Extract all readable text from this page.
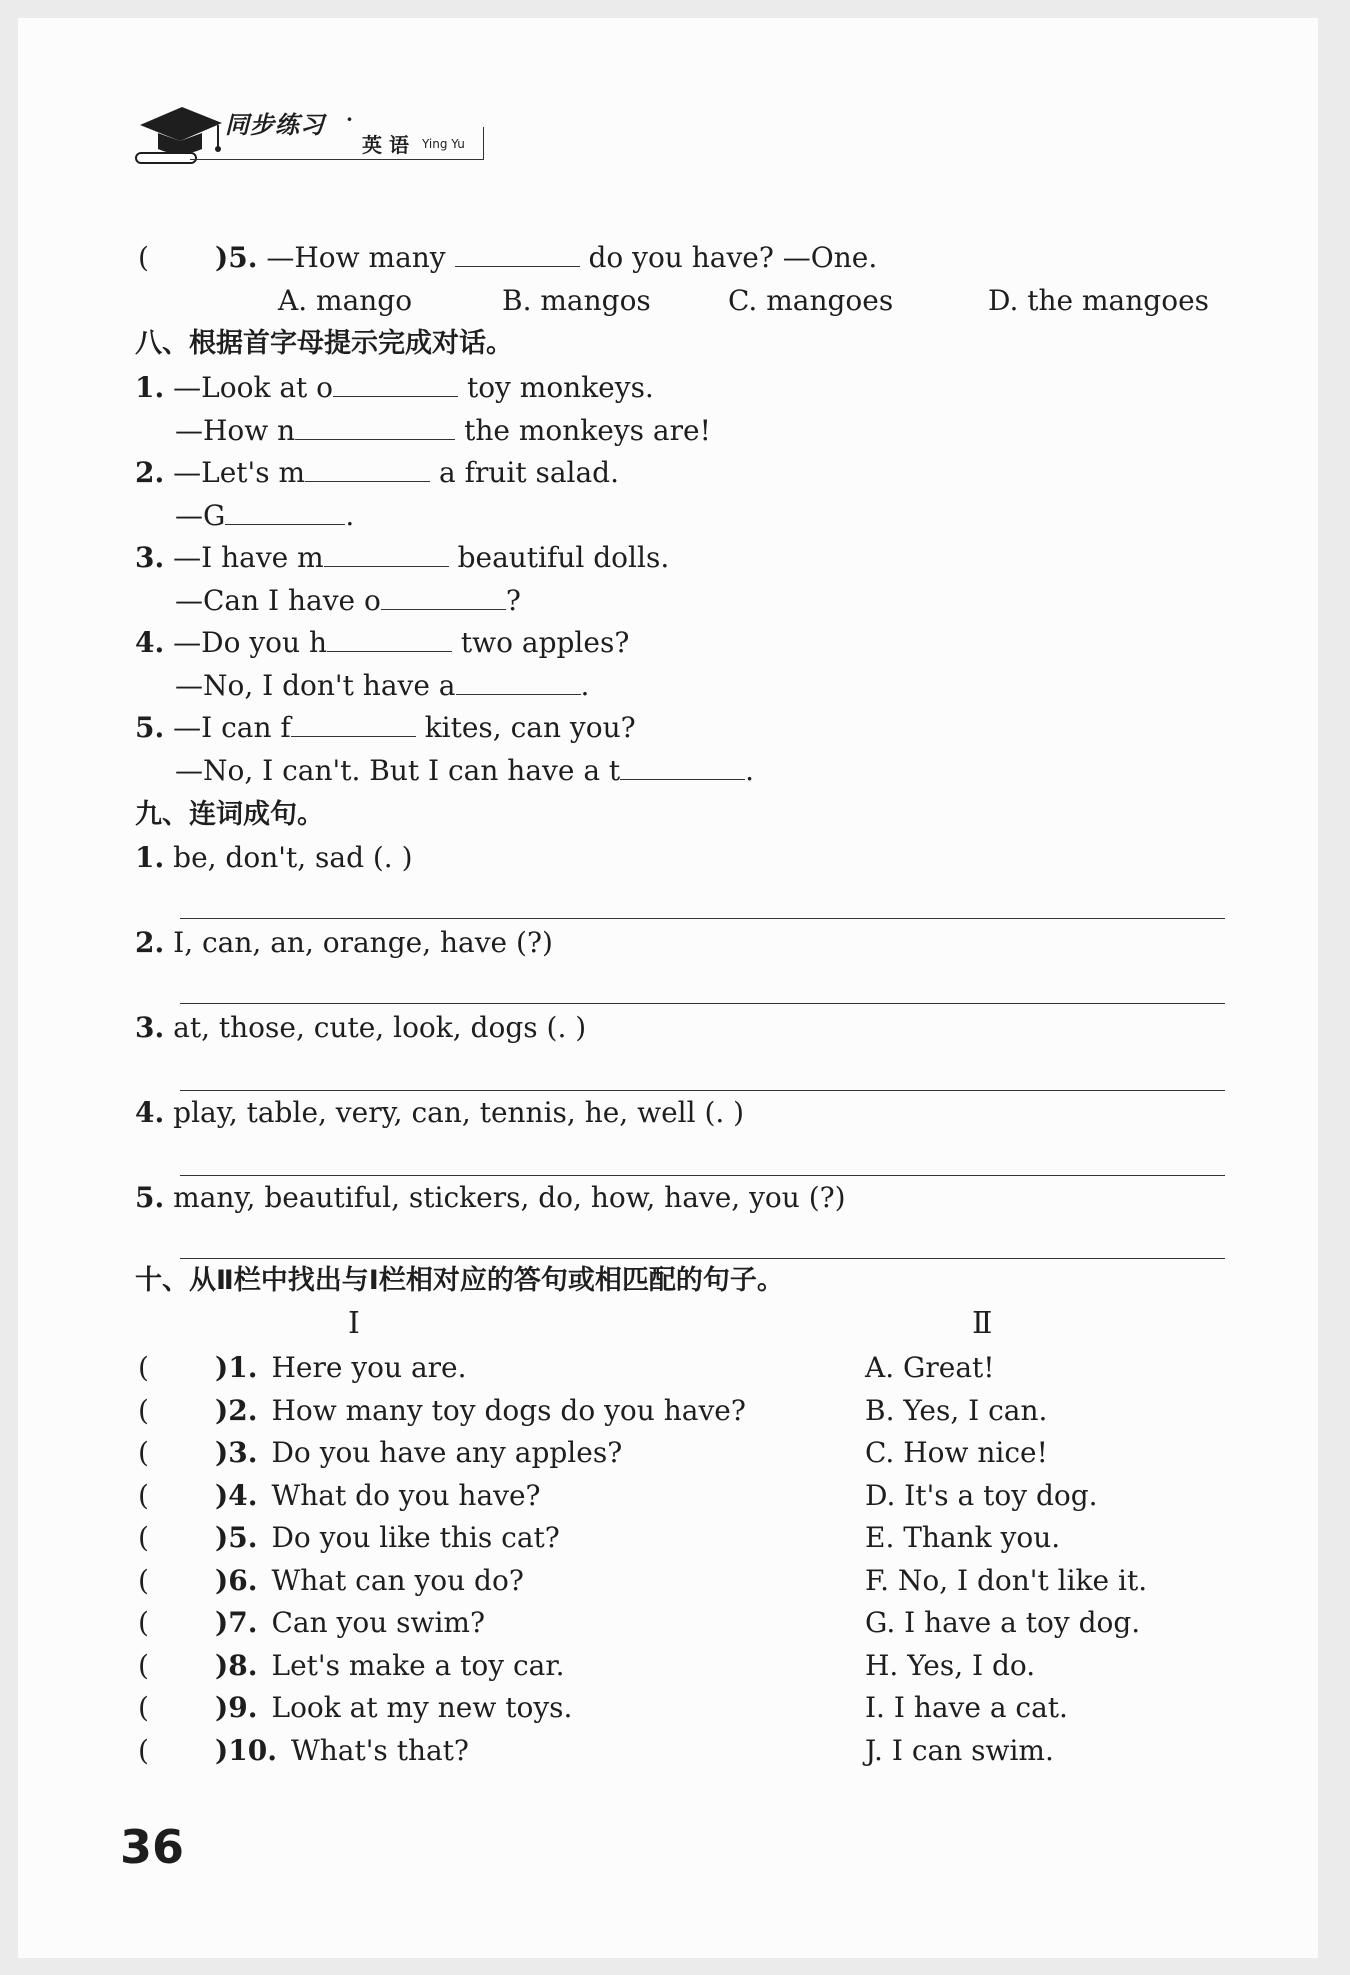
同步练习 ·
英 语 Ying Yu
( )5. —How many	do you have? —One.
A. mango	B. mangos	C. mangoes	D. the mangoes
八、根据首字母提示完成对话。
1. —Look at o	toy monkeys.
—How n	the monkeys are!
2. —Let's m	a fruit salad.
—G	.
3. —I have m	beautiful dolls.
—Can I have o	?
4. —Do you h	two apples?
—No, I don't have a	.
5. —I can f	kites, can you?
—No, I can't. But I can have a t	.
九、连词成句。
1. be, don't, sad (. )
2. I, can, an, orange, have (?)
3. at, those, cute, look, dogs (. )
4. play, table, very, can, tennis, he, well (. )
5. many, beautiful, stickers, do, how, have, you (?)
十、从Ⅱ栏中找出与Ⅰ栏相对应的答句或相匹配的句子。
Ⅰ	Ⅱ
( )1. Here you are.	A. Great!
( )2. How many toy dogs do you have?	B. Yes, I can.
( )3. Do you have any apples?	C. How nice!
( )4. What do you have?	D. It's a toy dog.
( )5. Do you like this cat?	E. Thank you.
( )6. What can you do?	F. No, I don't like it.
( )7. Can you swim?	G. I have a toy dog.
( )8. Let's make a toy car.	H. Yes, I do.
( )9. Look at my new toys.	I. I have a cat.
( )10. What's that?	J. I can swim.
36
